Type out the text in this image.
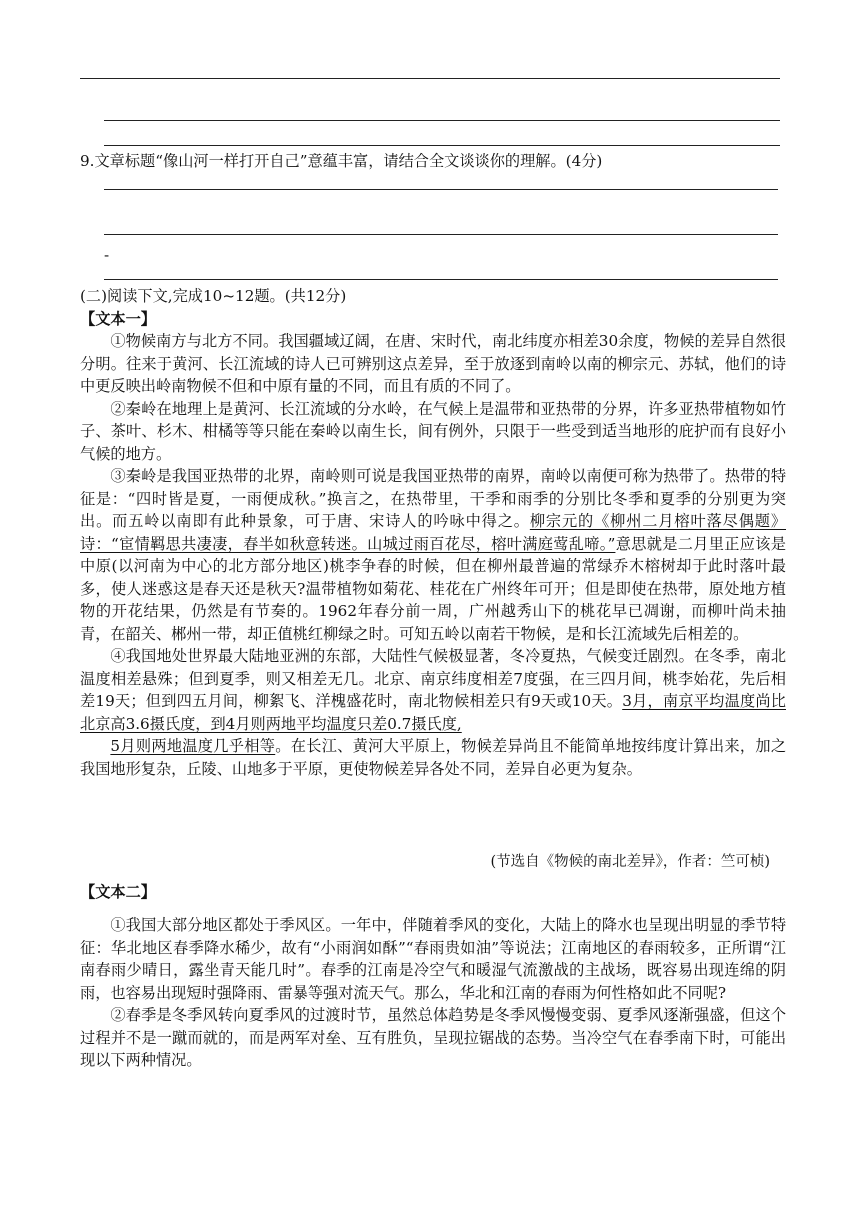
9.文章标题“像山河一样打开自己”意蕴丰富，请结合全文谈谈你的理解。(4分)
-
(二)阅读下文,完成10~12题。(共12分)
【文本一】

①物候南方与北方不同。我国疆域辽阔，在唐、宋时代，南北纬度亦相差30余度，物候的差异自然很分明。往来于黄河、长江流域的诗人已可辨别这点差异，至于放逐到南岭以南的柳宗元、苏轼，他们的诗中更反映出岭南物候不但和中原有量的不同，而且有质的不同了。

②秦岭在地理上是黄河、长江流域的分水岭，在气候上是温带和亚热带的分界，许多亚热带植物如竹子、茶叶、杉木、柑橘等等只能在秦岭以南生长，间有例外，只限于一些受到适当地形的庇护而有良好小气候的地方。

③秦岭是我国亚热带的北界，南岭则可说是我国亚热带的南界，南岭以南便可称为热带了。热带的特征是：“四时皆是夏，一雨便成秋。”换言之，在热带里，干季和雨季的分别比冬季和夏季的分别更为突出。而五岭以南即有此种景象，可于唐、宋诗人的吟咏中得之。柳宗元的《柳州二月榕叶落尽偶题》诗：“宦情羁思共凄凄，春半如秋意转迷。山城过雨百花尽，榕叶满庭莺乱啼。”意思就是二月里正应该是中原(以河南为中心的北方部分地区)桃李争春的时候，但在柳州最普遍的常绿乔木榕树却于此时落叶最多，使人迷惑这是春天还是秋天?温带植物如菊花、桂花在广州终年可开；但是即使在热带，原处地方植物的开花结果，仍然是有节奏的。1962年春分前一周，广州越秀山下的桃花早已凋谢，而柳叶尚未抽青，在韶关、郴州一带，却正值桃红柳绿之时。可知五岭以南若干物候，是和长江流域先后相差的。

④我国地处世界最大陆地亚洲的东部，大陆性气候极显著，冬冷夏热，气候变迁剧烈。在冬季，南北温度相差悬殊；但到夏季，则又相差无几。北京、南京纬度相差7度强，在三四月间，桃李始花，先后相差19天；但到四五月间，柳絮飞、洋槐盛花时，南北物候相差只有9天或10天。3月，南京平均温度尚比北京高3.6摄氏度，到4月则两地平均温度只差0.7摄氏度,

5月则两地温度几乎相等。在长江、黄河大平原上，物候差异尚且不能简单地按纬度计算出来，加之我国地形复杂，丘陵、山地多于平原，更使物候差异各处不同，差异自必更为复杂。

(节选自《物候的南北差异》，作者：竺可桢)
【文本二】

①我国大部分地区都处于季风区。一年中，伴随着季风的变化，大陆上的降水也呈现出明显的季节特征：华北地区春季降水稀少，故有“小雨润如酥”“春雨贵如油”等说法；江南地区的春雨较多，正所谓“江南春雨少晴日，露坐青天能几时”。春季的江南是冷空气和暖湿气流激战的主战场，既容易出现连绵的阴雨，也容易出现短时强降雨、雷暴等强对流天气。那么，华北和江南的春雨为何性格如此不同呢?

②春季是冬季风转向夏季风的过渡时节，虽然总体趋势是冬季风慢慢变弱、夏季风逐渐强盛，但这个过程并不是一蹴而就的，而是两军对垒、互有胜负，呈现拉锯战的态势。当冷空气在春季南下时，可能出现以下两种情况。
